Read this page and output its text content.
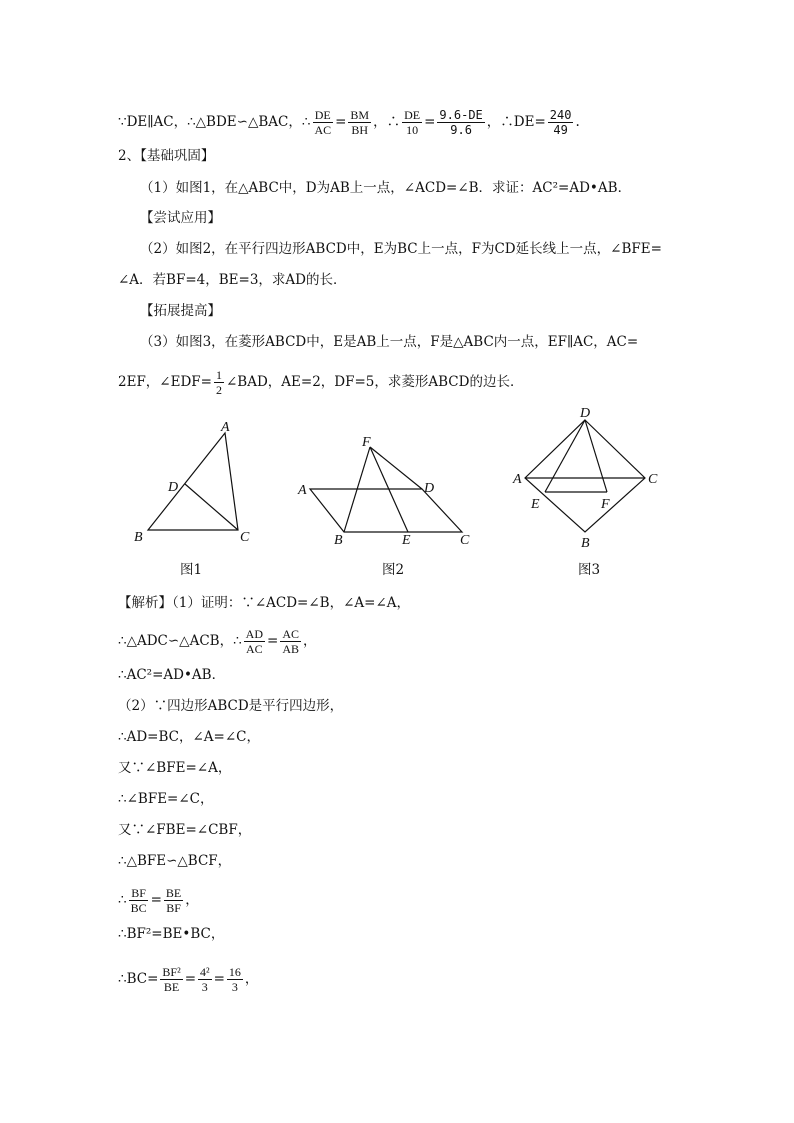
∵DE∥AC，∴△BDE∽△BAC，∴ $\frac{DE}{AC} = \frac{BM}{BH}$ ，∴ $\frac{DE}{10} = \frac{9.6-DE}{9.6}$ ，∴DE= $\frac{240}{49}$ .
2、【基础巩固】
（1）如图1，在△ABC中，D为AB上一点，∠ACD=∠B．求证：AC²=AD•AB．
【尝试应用】
（2）如图2，在平行四边形ABCD中，E为BC上一点，F为CD延长线上一点，∠BFE=
∠A．若BF=4，BE=3，求AD的长．
【拓展提高】
（3）如图3，在菱形ABCD中，E是AB上一点，F是△ABC内一点，EF∥AC，AC=
2EF，∠EDF= $\frac{1}{2}$ ∠BAD，AE=2，DF=5，求菱形ABCD的边长．
A
D
B	C
图1
F
A	D
B	E	C
图2
D
A	C
E	F
B
图3
【解析】（1）证明：∵∠ACD=∠B，∠A=∠A，
∴△ADC∽△ACB，∴ $\frac{AD}{AC} = \frac{AC}{AB}$ ，
∴AC²=AD•AB．
（2）∵四边形ABCD是平行四边形，
∴AD=BC，∠A=∠C，
又∵∠BFE=∠A，
∴∠BFE=∠C，
又∵∠FBE=∠CBF，
∴△BFE∽△BCF，
∴ $\frac{BF}{BC} = \frac{BE}{BF}$ ，
∴BF²=BE•BC，
∴BC= $\frac{\text{BF²}}{BE} = \frac{\text{4²}}{3} = \frac{16}{3}$ ，
